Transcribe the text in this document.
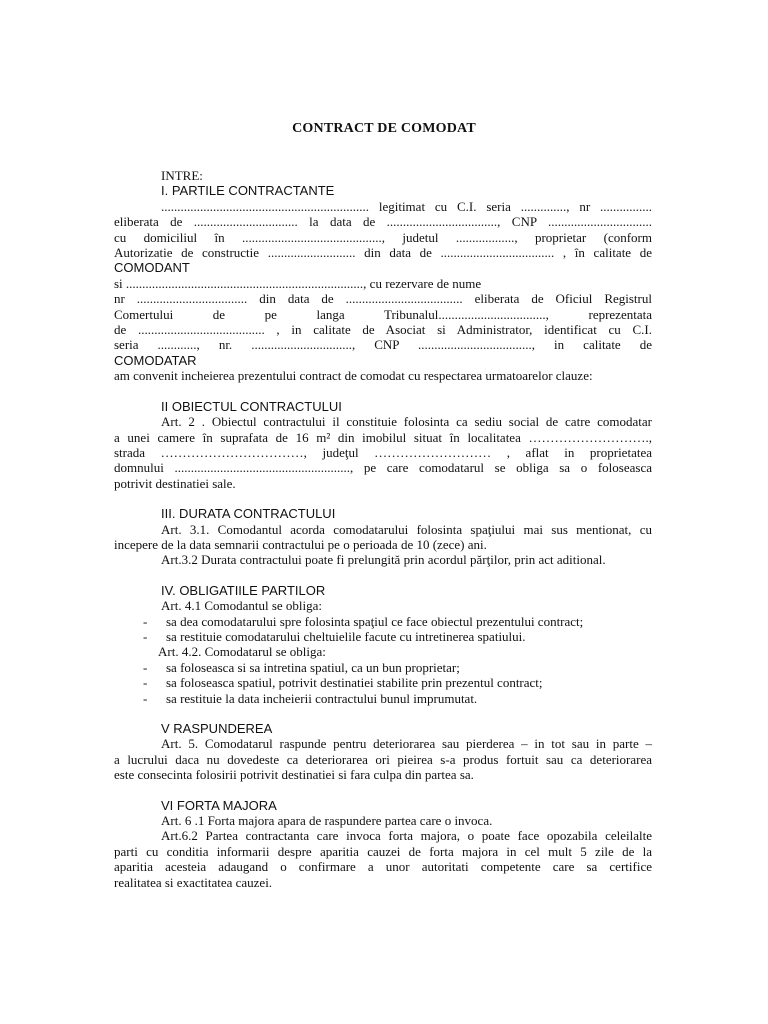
CONTRACT DE COMODAT

INTRE:

I. PARTILE CONTRACTANTE

................................................................ legitimat cu C.I. seria .............., nr ................

eliberata de ................................ la data de .................................., CNP ................................

cu domiciliul în ..........................................., judetul .................., proprietar (conform

Autorizatie de constructie ........................... din data de ................................... , în calitate de

COMODANT

si ........................................................................., cu rezervare de nume

nr .................................. din data de .................................... eliberata de Oficiul Registrul

Comertului de pe langa Tribunalul................................., reprezentata

de ....................................... , in calitate de Asociat si Administrator, identificat cu C.I.

seria ............, nr. ..............................., CNP ..................................., in calitate de

COMODATAR

am convenit incheierea prezentului contract de comodat cu respectarea urmatoarelor clauze:

II OBIECTUL CONTRACTULUI

Art. 2 . Obiectul contractului il constituie folosinta ca sediu social de catre comodatar

a unei camere în suprafata de 16 m² din imobilul situat în localitatea ……………………….,

strada ……………………………, judeţul ……………………… , aflat in proprietatea

domnului ......................................................, pe care comodatarul se obliga sa o foloseasca

potrivit destinatiei sale.

III. DURATA CONTRACTULUI

Art. 3.1. Comodantul acorda comodatarului folosinta spaţiului mai sus mentionat, cu

incepere de la data semnarii contractului pe o perioada de 10 (zece) ani.

Art.3.2 Durata contractului poate fi prelungită prin acordul părţilor, prin act aditional.

IV. OBLIGATIILE PARTILOR

Art. 4.1 Comodantul se obliga:

-	sa dea comodatarului spre folosinta spaţiul ce face obiectul prezentului contract;
-	sa restituie comodatarului cheltuielile facute cu intretinerea spatiului.

Art. 4.2. Comodatarul se obliga:

-	sa foloseasca si sa intretina spatiul, ca un bun proprietar;
-	sa foloseasca spatiul, potrivit destinatiei stabilite prin prezentul contract;
-	sa restituie la data incheierii contractului bunul imprumutat.

V RASPUNDEREA

Art. 5. Comodatarul raspunde pentru deteriorarea sau pierderea – in tot sau in parte –

a lucrului daca nu dovedeste ca deteriorarea ori pieirea s-a produs fortuit sau ca deteriorarea

este consecinta folosirii potrivit destinatiei si fara culpa din partea sa.

VI FORTA MAJORA

Art. 6 .1 Forta majora apara de raspundere partea care o invoca.

Art.6.2 Partea contractanta care invoca forta majora, o poate face opozabila celeilalte

parti cu conditia informarii despre aparitia cauzei de forta majora in cel mult 5 zile de la

aparitia acesteia adaugand o confirmare a unor autoritati competente care sa certifice

realitatea si exactitatea cauzei.
